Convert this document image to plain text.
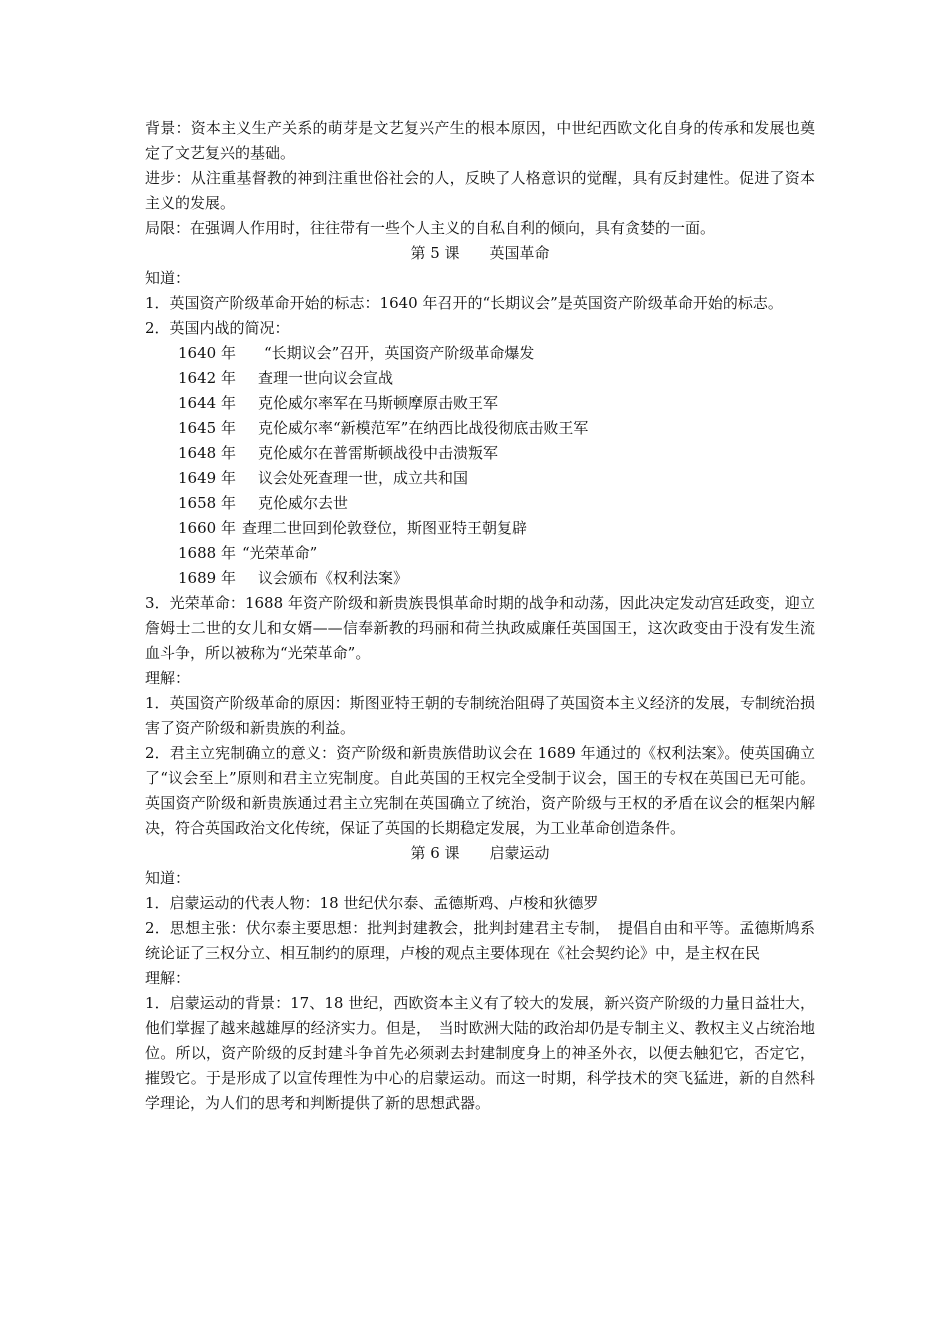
背景：资本主义生产关系的萌芽是文艺复兴产生的根本原因，中世纪西欧文化自身的传承和发展也奠定了文艺复兴的基础。

进步：从注重基督教的神到注重世俗社会的人，反映了人格意识的觉醒，具有反封建性。促进了资本主义的发展。

局限：在强调人作用时，往往带有一些个人主义的自私自利的倾向，具有贪婪的一面。

第 5 课　　英国革命

知道：

1．英国资产阶级革命开始的标志：1640 年召开的“长期议会”是英国资产阶级革命开始的标志。

2．英国内战的简况：

1640 年 “长期议会”召开，英国资产阶级革命爆发

1642 年 查理一世向议会宣战

1644 年 克伦威尔率军在马斯顿摩原击败王军

1645 年 克伦威尔率“新模范军”在纳西比战役彻底击败王军

1648 年 克伦威尔在普雷斯顿战役中击溃叛军

1649 年 议会处死查理一世，成立共和国

1658 年 克伦威尔去世

1660 年 查理二世回到伦敦登位，斯图亚特王朝复辟

1688 年 “光荣革命”

1689 年 议会颁布《权利法案》

3．光荣革命：1688 年资产阶级和新贵族畏惧革命时期的战争和动荡，因此决定发动宫廷政变，迎立詹姆士二世的女儿和女婿——信奉新教的玛丽和荷兰执政威廉任英国国王，这次政变由于没有发生流血斗争，所以被称为“光荣革命”。

理解：

1．英国资产阶级革命的原因：斯图亚特王朝的专制统治阻碍了英国资本主义经济的发展，专制统治损害了资产阶级和新贵族的利益。

2．君主立宪制确立的意义：资产阶级和新贵族借助议会在 1689 年通过的《权利法案》。使英国确立了“议会至上”原则和君主立宪制度。自此英国的王权完全受制于议会，国王的专权在英国已无可能。英国资产阶级和新贵族通过君主立宪制在英国确立了统治，资产阶级与王权的矛盾在议会的框架内解决，符合英国政治文化传统，保证了英国的长期稳定发展，为工业革命创造条件。

第 6 课　　启蒙运动

知道：

1．启蒙运动的代表人物：18 世纪伏尔泰、孟德斯鸡、卢梭和狄德罗

2．思想主张：伏尔泰主要思想：批判封建教会，批判封建君主专制，　提倡自由和平等。孟德斯鸠系统论证了三权分立、相互制约的原理，卢梭的观点主要体现在《社会契约论》中，是主权在民

理解：

1．启蒙运动的背景：17、18 世纪，西欧资本主义有了较大的发展，新兴资产阶级的力量日益壮大，他们掌握了越来越雄厚的经济实力。但是，　当时欧洲大陆的政治却仍是专制主义、教权主义占统治地位。所以，资产阶级的反封建斗争首先必须剥去封建制度身上的神圣外衣，以便去触犯它，否定它，摧毁它。于是形成了以宣传理性为中心的启蒙运动。而这一时期，科学技术的突飞猛进，新的自然科学理论，为人们的思考和判断提供了新的思想武器。
